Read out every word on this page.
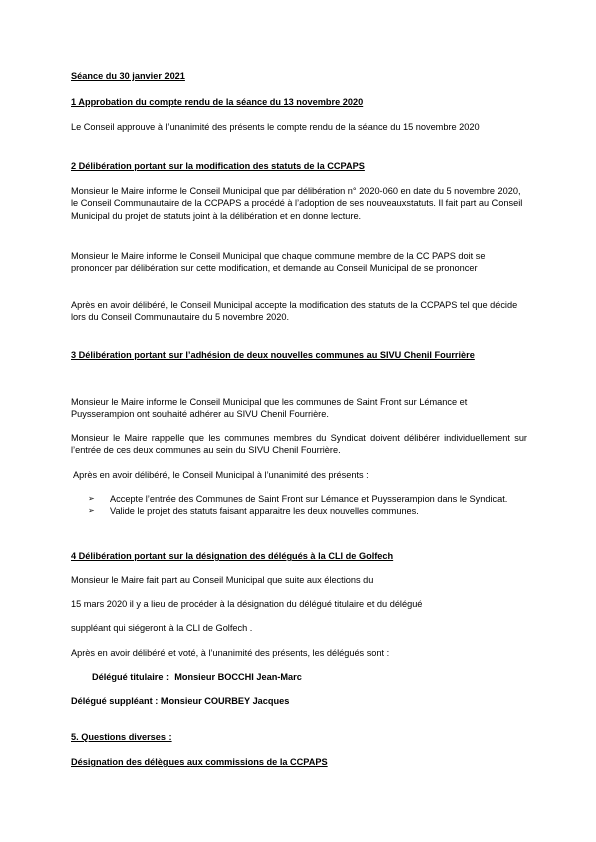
Séance du 30 janvier 2021

1 Approbation du compte rendu de la séance du 13 novembre 2020

Le Conseil approuve à l’unanimité des présents le compte rendu de la séance du 15 novembre 2020

2 Délibération portant sur la modification des statuts de la CCPAPS

Monsieur le Maire informe le Conseil Municipal que par délibération n° 2020-060 en date du 5 novembre 2020, le Conseil Communautaire de la CCPAPS a procédé à l’adoption de ses nouveauxstatuts. Il fait part au Conseil Municipal du projet de statuts joint à la délibération et en donne lecture.

Monsieur le Maire informe le Conseil Municipal que chaque commune membre de la CC PAPS doit se prononcer par délibération sur cette modification, et demande au Conseil Municipal de se prononcer

Après en avoir délibéré, le Conseil Municipal accepte la modification des statuts de la CCPAPS tel que décide lors du Conseil Communautaire du 5 novembre 2020.

3 Délibération portant sur l’adhésion de deux nouvelles communes au SIVU Chenil Fourrière

Monsieur le Maire informe le Conseil Municipal que les communes de Saint Front sur Lémance et Puysserampion ont souhaité adhérer au SIVU Chenil Fourrière.

Monsieur le Maire rappelle que les communes membres du Syndicat doivent délibérer individuellement sur l’entrée de ces deux communes au sein du SIVU Chenil Fourrière.

Après en avoir délibéré, le Conseil Municipal à l’unanimité des présents :

➢ Accepte l’entrée des Communes de Saint Front sur Lémance et Puysserampion dans le Syndicat.
➢ Valide le projet des statuts faisant apparaitre les deux nouvelles communes.

4 Délibération portant sur la désignation des délégués à la CLI de Golfech

Monsieur le Maire fait part au Conseil Municipal que suite aux élections du

15 mars 2020 il y a lieu de procéder à la désignation du délégué titulaire et du délégué

suppléant qui siégeront à la CLI de Golfech .

Après en avoir délibéré et voté, à l’unanimité des présents, les délégués sont :

Délégué titulaire :  Monsieur BOCCHI Jean-Marc

Délégué suppléant : Monsieur COURBEY Jacques

5. Questions diverses :

Désignation des délègues aux commissions de la CCPAPS
